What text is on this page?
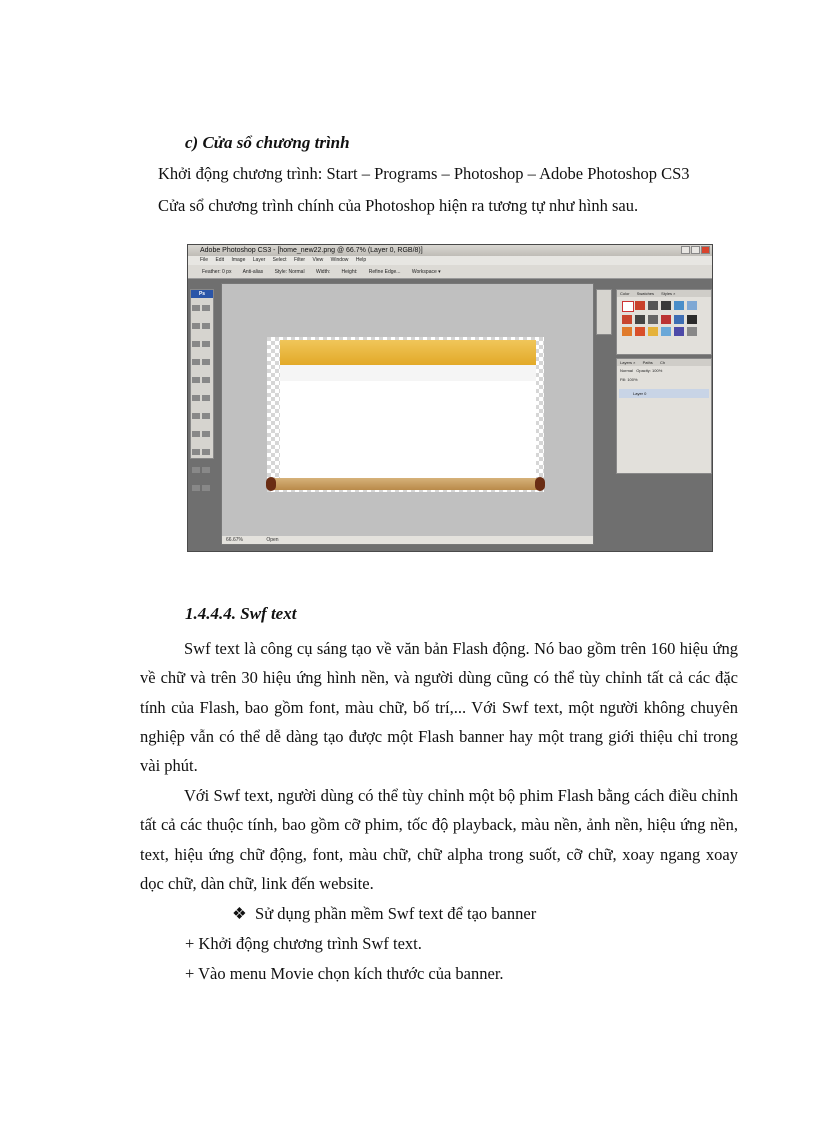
c) Cửa sổ chương trình
Khởi động chương trình: Start – Programs – Photoshop – Adobe Photoshop CS3
Cửa sổ chương trình chính của Photoshop hiện ra tương tự như hình sau.
Adobe Photoshop CS3 - [home_new22.png @ 66.7% (Layer 0, RGB/8)]
File Edit Image Layer Select Filter View Window Help
Feather: 0 px Anti-alias Style: Normal Width: Height: Refine Edge... Workspace ▾
Ps

66.67%	Open
Color Swatches Styles ×
Layers × Paths Ch
Normal Opacity: 100%
Fill: 100%
Layer 0
1.4.4.4. Swf text

Swf text là công cụ sáng tạo về văn bản Flash động. Nó bao gồm trên 160 hiệu ứng về chữ và trên 30 hiệu ứng hình nền, và người dùng cũng có thể tùy chỉnh tất cả các đặc tính của Flash, bao gồm font, màu chữ, bố trí,... Với Swf text, một người không chuyên nghiệp vẫn có thể dễ dàng tạo được một Flash banner hay một trang giới thiệu chỉ trong vài phút.

Với Swf text, người dùng có thể tùy chỉnh một bộ phim Flash bằng cách điều chỉnh tất cả các thuộc tính, bao gồm cỡ phim, tốc độ playback, màu nền, ảnh nền, hiệu ứng nền, text, hiệu ứng chữ động, font, màu chữ, chữ alpha trong suốt, cỡ chữ, xoay ngang xoay dọc chữ, dàn chữ, link đến website.

❖ Sử dụng phần mềm Swf text để tạo banner
+ Khởi động chương trình Swf text.
+ Vào menu Movie chọn kích thước của banner.
